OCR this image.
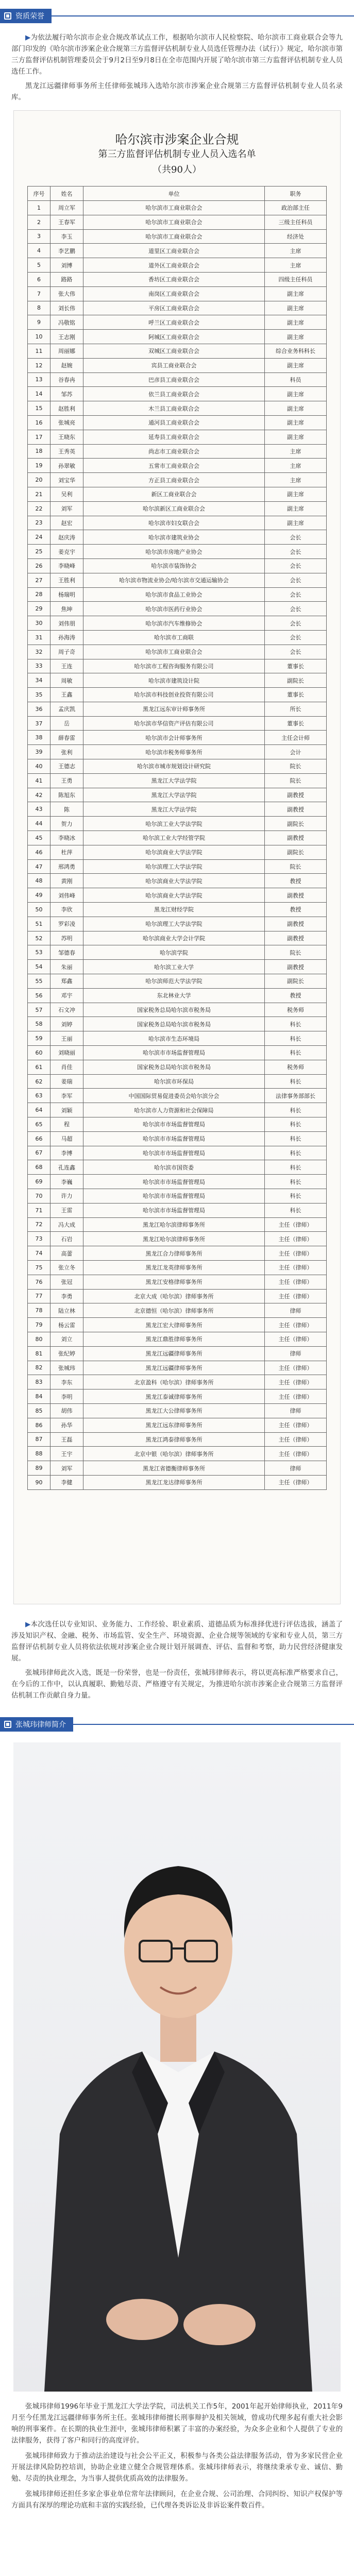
资质荣誉

▶为依法履行哈尔滨市企业合规改革试点工作，根据哈尔滨市人民检察院、哈尔滨市工商业联合会等九部门印发的《哈尔滨市涉案企业合规第三方监督评估机制专业人员选任管理办法（试行）》规定，哈尔滨市第三方监督评估机制管理委员会于9月2日至9月8日在全市范围内开展了哈尔滨市第三方监督评估机制专业人员选任工作。

黑龙江远疆律师事务所主任律师张城玮入选哈尔滨市涉案企业合规第三方监督评估机制专业人员名录库。

哈尔滨市涉案企业合规
第三方监督评估机制专业人员入选名单
（共90人）
序号	姓名	单位	职务
1	周立军	哈尔滨市工商业联合会	政治部主任
2	王春军	哈尔滨市工商业联合会	三级主任科员
3	李玉	哈尔滨市工商业联合会	经济处
4	李艺鹏	道里区工商业联合会	主席
5	刘博	道外区工商业联合会	主席
6	路路	香坊区工商业联合会	四级主任科员
7	张大伟	南岗区工商业联合会	副主席
8	刘长伟	平房区工商业联合会	副主席
9	冯敬铭	呼兰区工商业联合会	副主席
10	王志刚	阿城区工商业联合会	副主席
11	周丽娜	双城区工商业联合会	综合业务科科长
12	赵婉	宾县工商业联合会	副主席
13	谷春冉	巴彦县工商业联合会	科员
14	邹苏	依兰县工商业联合会	副主席
15	赵胜利	木兰县工商业联合会	副主席
16	张城亮	通河县工商业联合会	副主席
17	王晓东	延寿县工商业联合会	副主席
18	王秀英	尚志市工商业联合会	主席
19	孙翠敏	五常市工商业联合会	主席
20	刘宝华	方正县工商业联合会	主席
21	吴利	新区工商业联合会	副主席
22	刘军	哈尔滨新区工商业联合会	副主席
23	赵宏	哈尔滨市妇女联合会	副主席
24	赵庆涛	哈尔滨市建筑业协会	会长
25	姜克宇	哈尔滨市房地产业协会	会长
26	李晓峰	哈尔滨市装饰协会	会长
27	王胜利	哈尔滨市物流业协会/哈尔滨市交通运输协会	会长
28	杨瑞明	哈尔滨市食品工业协会	会长
29	焦坤	哈尔滨市医药行业协会	会长
30	刘伟朋	哈尔滨市汽车维修协会	会长
31	孙海涛	哈尔滨市工商联	会长
32	周子奇	哈尔滨市工商业联合会	会长
33	王连	哈尔滨市工程咨询服务有限公司	董事长
34	周敏	哈尔滨市建筑设计院	副院长
35	王鑫	哈尔滨市科技创业投资有限公司	董事长
36	孟庆凯	黑龙江远东审计师事务所	所长
37	岳	哈尔滨市华信资产评估有限公司	董事长
38	薛春雷	哈尔滨市会计师事务所	主任会计师
39	张利	哈尔滨市税务师事务所	会计
40	王德志	哈尔滨市城市规划设计研究院	院长
41	王勇	黑龙江大学法学院	院长
42	陈旭东	黑龙江大学法学院	副教授
43	陈	黑龙江大学法学院	副教授
44	贺力	哈尔滨工业大学法学院	副院长
45	李晓冰	哈尔滨工业大学经管学院	副教授
46	杜萍	哈尔滨商业大学法学院	副院长
47	邢鸿勇	哈尔滨理工大学法学院	院长
48	黄刚	哈尔滨商业大学法学院	教授
49	刘伟峰	哈尔滨商业大学法学院	副教授
50	李欣	黑龙江财经学院	教授
51	罗彩凌	哈尔滨理工大学法学院	副教授
52	苏明	哈尔滨商业大学会计学院	副教授
53	邹德春	哈尔滨学院	院长
54	朱丽	哈尔滨工业大学	副教授
55	郑鑫	哈尔滨师范大学法学院	副院长
56	邓宇	东北林业大学	教授
57	石文冲	国家税务总局哈尔滨市税务局	税务师
58	刘婷	国家税务总局哈尔滨市税务局	科长
59	王丽	哈尔滨市生态环境局	科长
60	刘晓丽	哈尔滨市市场监督管理局	科长
61	肖佳	国家税务总局哈尔滨市税务局	税务师
62	姜瑞	哈尔滨市环保局	科长
63	李军	中国国际贸易促进委员会哈尔滨分会	法律事务部部长
64	刘颖	哈尔滨市人力资源和社会保障局	科长
65	程	哈尔滨市市场监督管理局	科长
66	马超	哈尔滨市市场监督管理局	科长
67	李博	哈尔滨市市场监督管理局	科长
68	孔连鑫	哈尔滨市国资委	科长
69	李巍	哈尔滨市市场监督管理局	科长
70	许力	哈尔滨市市场监督管理局	科长
71	王雷	哈尔滨市市场监督管理局	科长
72	冯大成	黑龙江哈尔滨律师事务所	主任（律师）
73	石岩	黑龙江哈尔滨律师事务所	主任（律师）
74	高蕾	黑龙江合力律师事务所	主任（律师）
75	张立冬	黑龙江龙英律师事务所	主任（律师）
76	张冠	黑龙江安格律师事务所	主任（律师）
77	李勇	北京大成（哈尔滨）律师事务所	主任（律师）
78	陆立林	北京德恒（哈尔滨）律师事务所	律师
79	杨云雷	黑龙江宏大律师事务所	主任（律师）
80	刘立	黑龙江鼎胜律师事务所	主任（律师）
81	张纪婷	黑龙江远疆律师事务所	律师
82	张城玮	黑龙江远疆律师事务所	主任（律师）
83	李东	北京盈科（哈尔滨）律师事务所	主任（律师）
84	李明	黑龙江泰诚律师事务所	主任（律师）
85	胡伟	黑龙江大公律师事务所	律师
86	孙华	黑龙江远东律师事务所	主任（律师）
87	王磊	黑龙江鸿泰律师事务所	主任（律师）
88	王宇	北京中银（哈尔滨）律师事务所	主任（律师）
89	刘军	黑龙江省德衡律师事务所	律师
90	李健	黑龙江龙达律师事务所	主任（律师）

▶本次选任以专业知识、业务能力、工作经验、职业素质、道德品质为标准择优进行评估选拔，涵盖了涉及知识产权、金融、税务、市场监管、安全生产、环境资源、企业合规等领域的专家和专业人员，第三方监督评估机制专业人员将依法依规对涉案企业合规计划开展调查、评估、监督和考察，助力民营经济健康发展。

张城玮律师此次入选，既是一份荣誉，也是一份责任，张城玮律师表示，将以更高标准严格要求自己，在今后的工作中，以认真履职、勤勉尽责、严格遵守有关规定，为推进哈尔滨市涉案企业合规第三方监督评估机制工作贡献自身力量。

张城玮律师简介

张城玮律师1996年毕业于黑龙江大学法学院，司法机关工作5年，2001年起开始律师执业，2011年9月至今任黑龙江远疆律师事务所主任。张城玮律师擅长刑事辩护及相关领域，曾成功代理多起有重大社会影响的刑事案件。在长期的执业生涯中，张城玮律师积累了丰富的办案经验，为众多企业和个人提供了专业的法律服务，获得了客户和同行的高度评价。

张城玮律师致力于推动法治建设与社会公平正义，积极参与各类公益法律服务活动，曾为多家民营企业开展法律风险防控培训，协助企业建立健全合规管理体系。张城玮律师表示，将继续秉承专业、诚信、勤勉、尽责的执业理念，为当事人提供优质高效的法律服务。

张城玮律师还担任多家企事业单位常年法律顾问，在企业合规、公司治理、合同纠纷、知识产权保护等方面具有深厚的理论功底和丰富的实践经验，已代理各类诉讼及非诉讼案件数百件。
